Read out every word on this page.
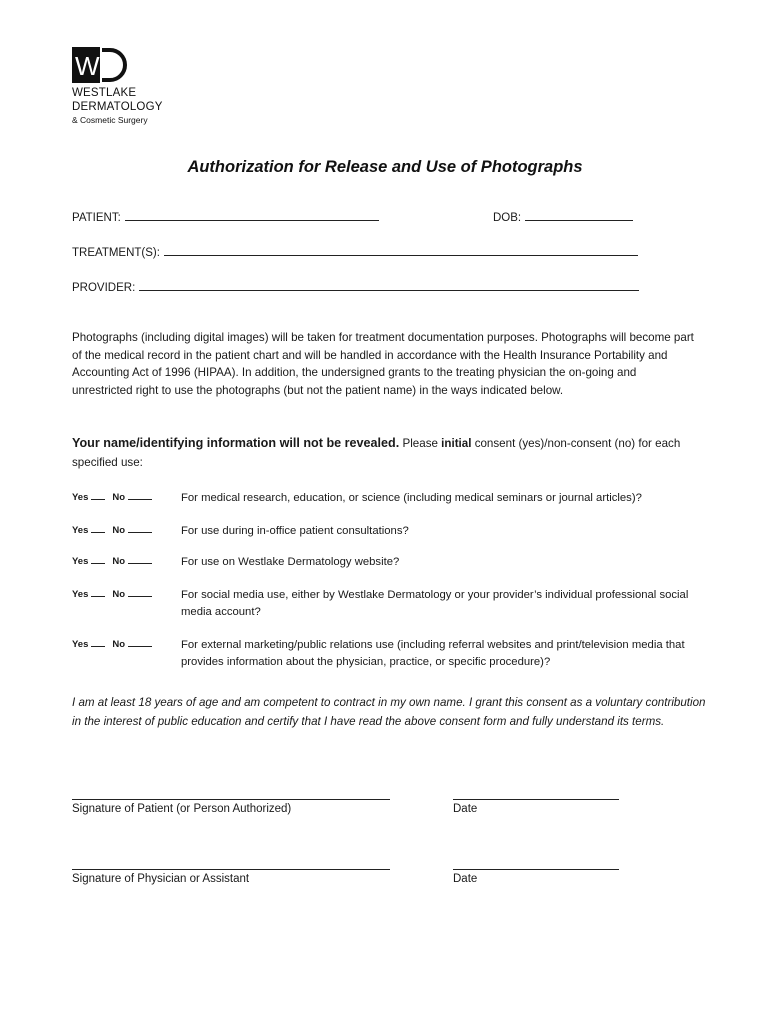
W
WESTLAKE
DERMATOLOGY
& Cosmetic Surgery
Authorization for Release and Use of Photographs
PATIENT:	DOB:
TREATMENT(S):
PROVIDER:
Photographs (including digital images) will be taken for treatment documentation purposes. Photographs will become part of the medical record in the patient chart and will be handled in accordance with the Health Insurance Portability and Accounting Act of 1996 (HIPAA). In addition, the undersigned grants to the treating physician the on-going and unrestricted right to use the photographs (but not the patient name) in the ways indicated below.
Your name/identifying information will not be revealed. Please initial consent (yes)/non-consent (no) for each specified use:
Yes	No	For medical research, education, or science (including medical seminars or journal articles)?
Yes	No	For use during in-office patient consultations?
Yes	No	For use on Westlake Dermatology website?
Yes	No	For social media use, either by Westlake Dermatology or your provider’s individual professional social media account?
Yes	No	For external marketing/public relations use (including referral websites and print/television media that provides information about the physician, practice, or specific procedure)?
I am at least 18 years of age and am competent to contract in my own name. I grant this consent as a voluntary contribution in the interest of public education and certify that I have read the above consent form and fully understand its terms.
Signature of Patient (or Person Authorized)	Date
Signature of Physician or Assistant	Date
